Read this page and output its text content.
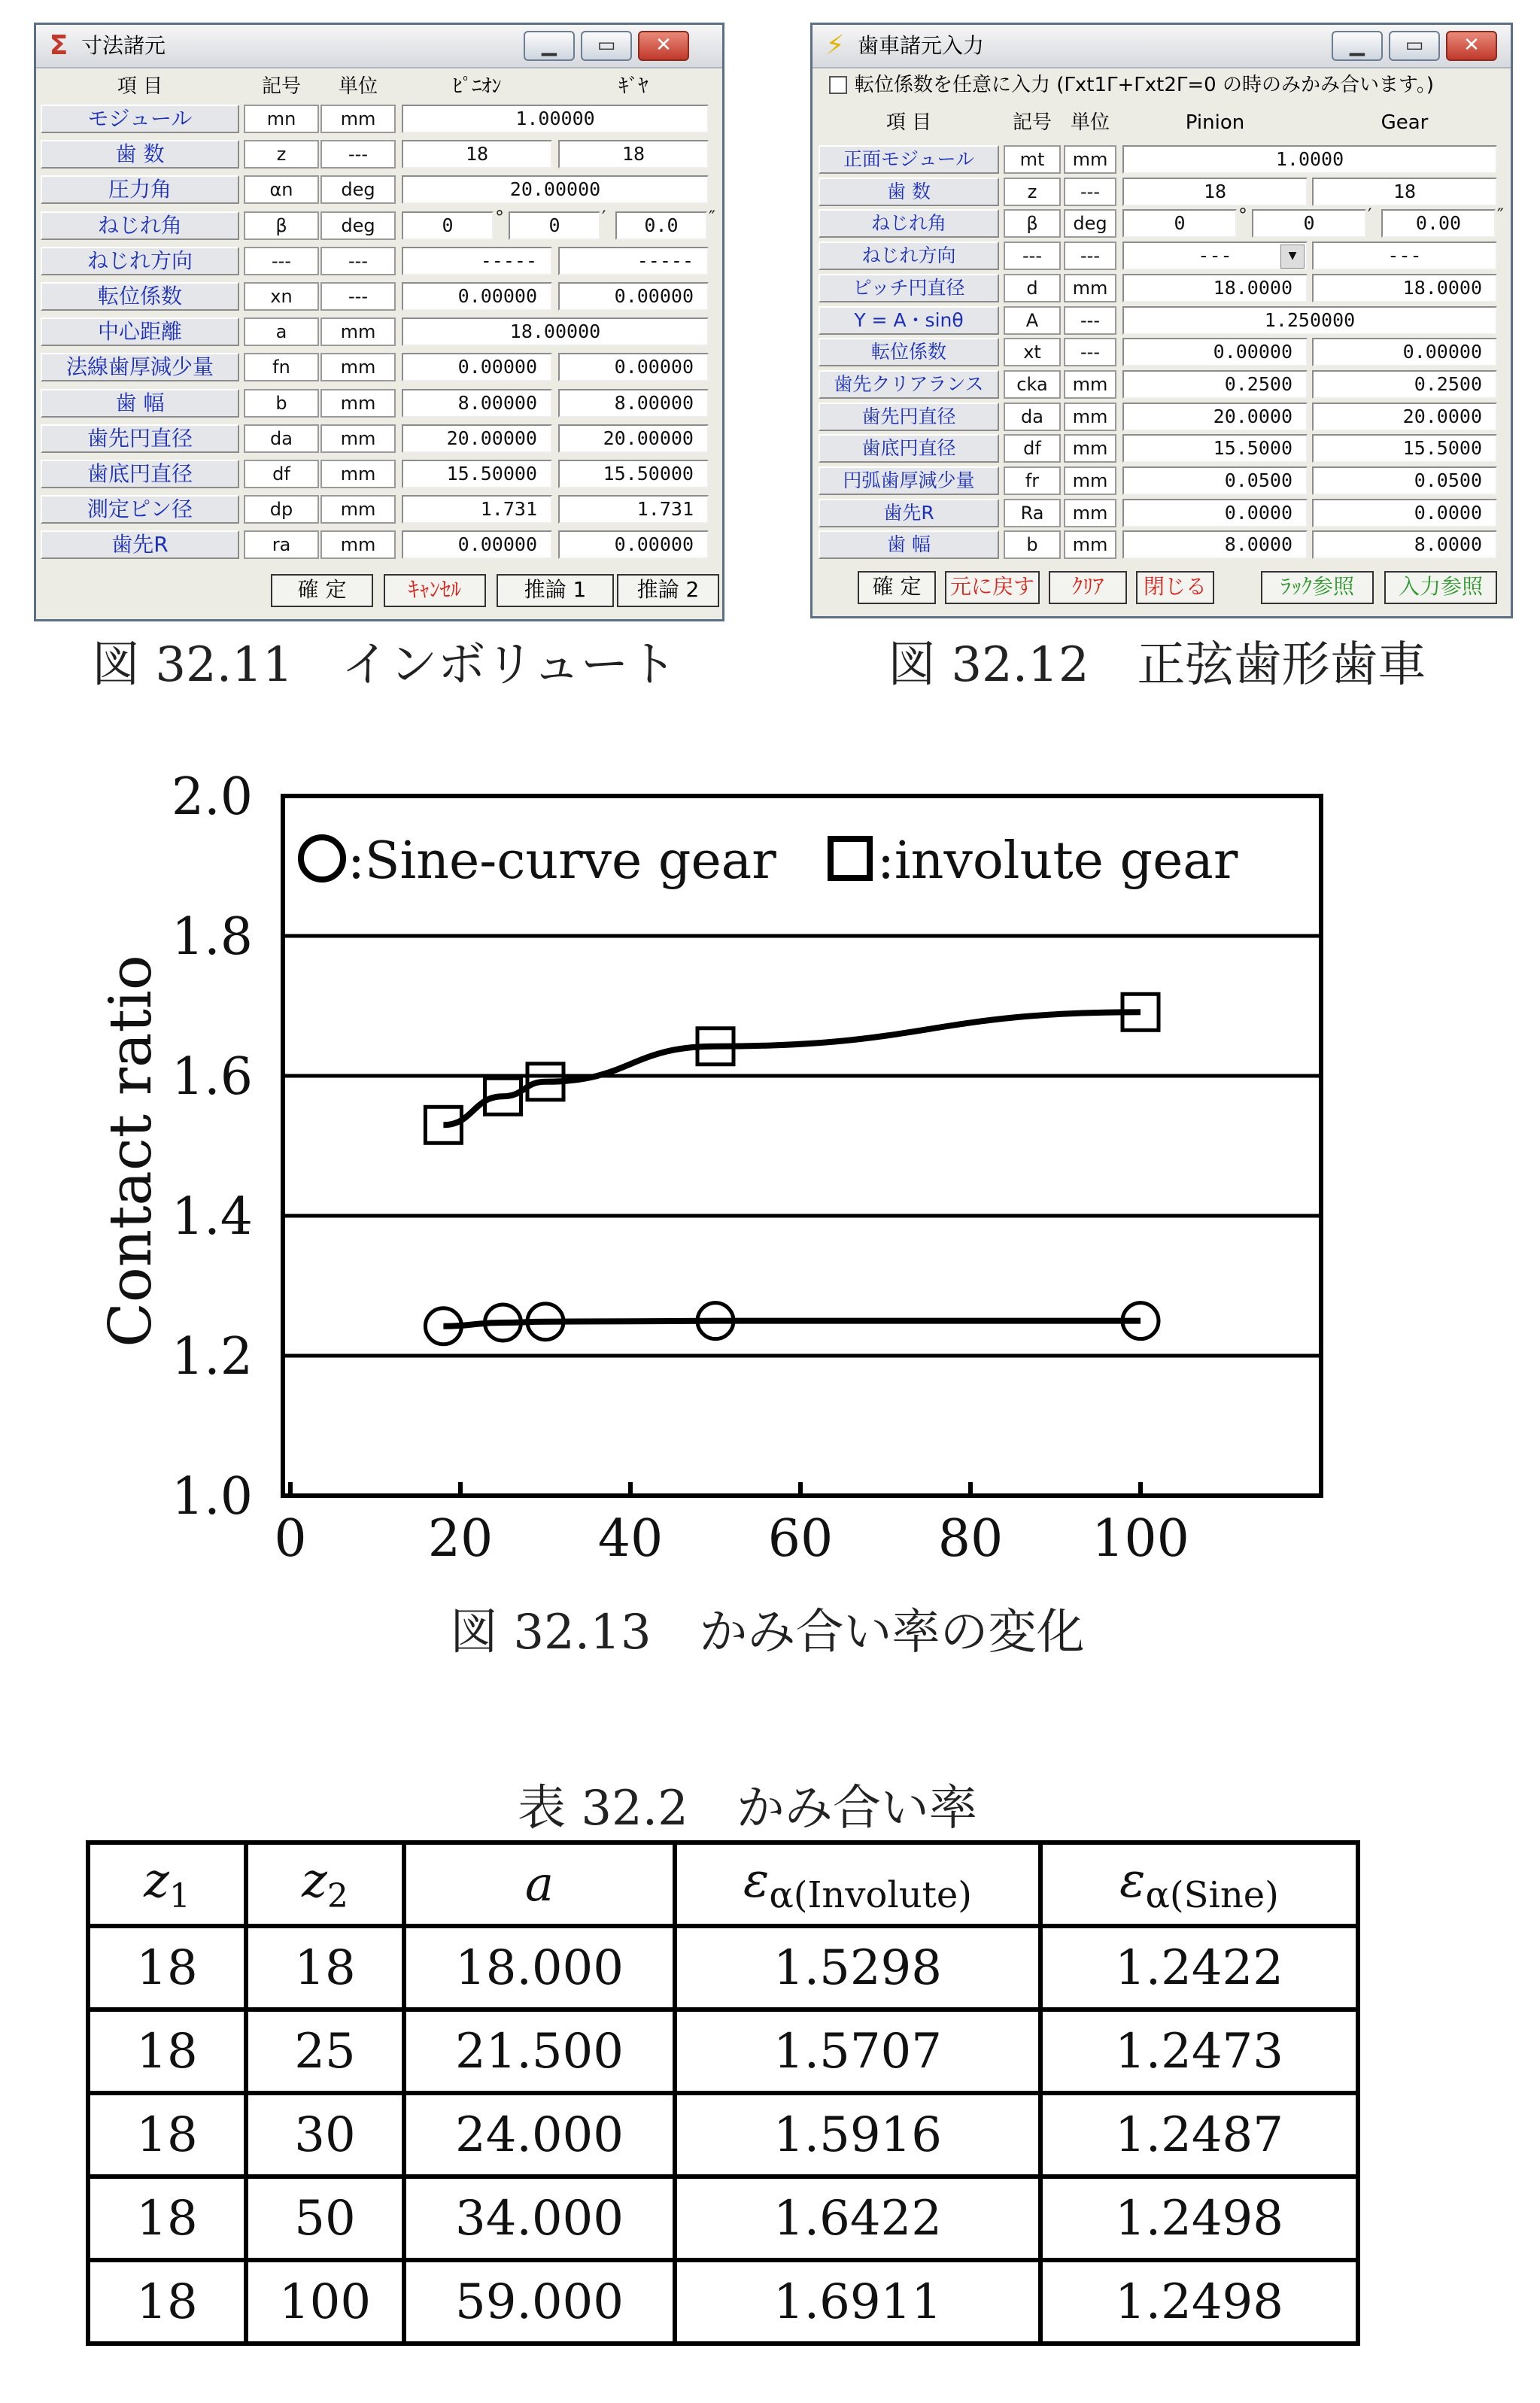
Σ 寸法諸元	▁	▭	✕
項 目	記号	単位	ﾋﾟﾆｵﾝ	ｷﾞﾔ
モジュール	mn	mm	1.00000
歯 数	z	---	18	18
圧力角	αn	deg	20.00000
ねじれ角	β	deg	0	°	0	′	0.0	″
ねじれ方向	---	---	-----	-----
転位係数	xn	---	0.00000	0.00000
中心距離	a	mm	18.00000
法線歯厚減少量	fn	mm	0.00000	0.00000
歯 幅	b	mm	8.00000	8.00000
歯先円直径	da	mm	20.00000	20.00000
歯底円直径	df	mm	15.50000	15.50000
測定ピン径	dp	mm	1.731	1.731
歯先R	ra	mm	0.00000	0.00000
確 定	ｷｬﾝｾﾙ	推論 1	推論 2
図 32.11　インボリュート
⚡ 歯車諸元入力	▁	▭	✕
転位係数を任意に入力 (Γxt1Γ+Γxt2Γ=0 の時のみかみ合います。)
項 目	記号 単位	Pinion	Gear
正面モジュール	mt	mm	1.0000
歯 数	z	---	18	18
ねじれ角	β	deg	0	°	0	′	0.00	″
ねじれ方向	---	---	---	▼	---
ピッチ円直径	d	mm	18.0000	18.0000
Y = A・sinθ	A	---	1.250000
転位係数	xt	---	0.00000	0.00000
歯先クリアランス	cka	mm	0.2500	0.2500
歯先円直径	da	mm	20.0000	20.0000
歯底円直径	df	mm	15.5000	15.5000
円弧歯厚減少量	fr	mm	0.0500	0.0500
歯先R	Ra	mm	0.0000	0.0000
歯 幅	b	mm	8.0000	8.0000
確 定	元に戻す	ｸﾘｱ	閉じる	ﾗｯｸ参照	入力参照
図 32.12　正弦歯形歯車
1.0
1.2
1.4
1.6
1.8
2.0
0 20 40 60 80 100
:Sine-curve gear :involute gear
Contact ratio
図 32.13　かみ合い率の変化
表 32.2　かみ合い率
$z_1$	$z_2$	a	$\varepsilon_{\alpha(Involute)}$	$\varepsilon_{\alpha(Sine)}$
18	18	18.000	1.5298	1.2422
18	25	21.500	1.5707	1.2473
18	30	24.000	1.5916	1.2487
18	50	34.000	1.6422	1.2498
18	100	59.000	1.6911	1.2498
